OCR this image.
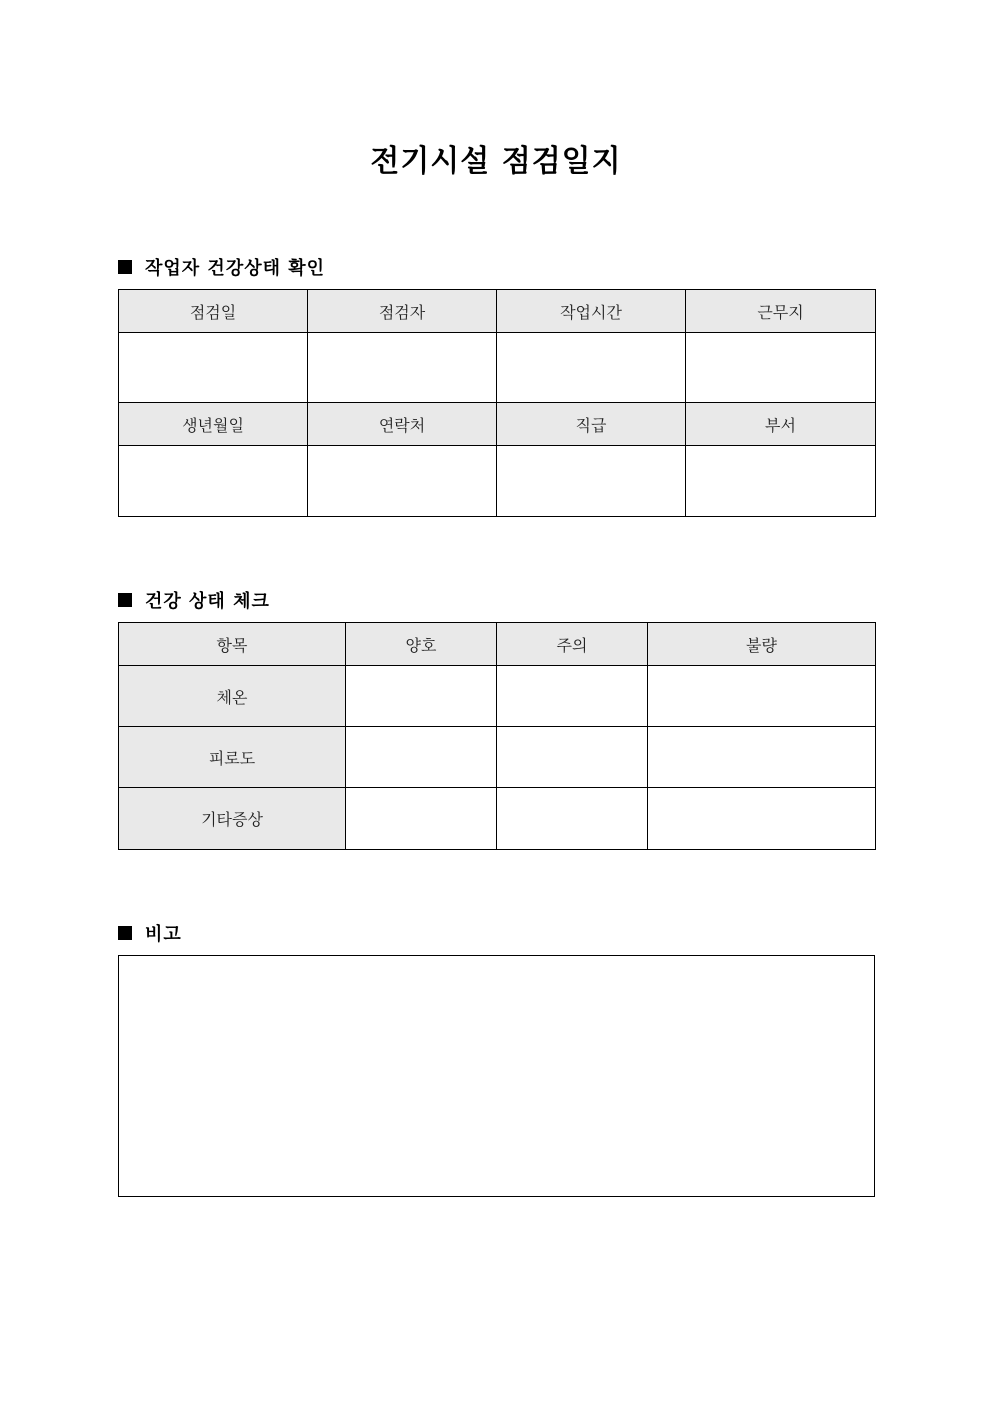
전기시설 점검일지
작업자 건강상태 확인
점검일	점검자	작업시간	근무지

생년월일	연락처	직급	부서

건강 상태 체크
항목	양호	주의	불량
체온			
피로도			
기타증상			
비고
